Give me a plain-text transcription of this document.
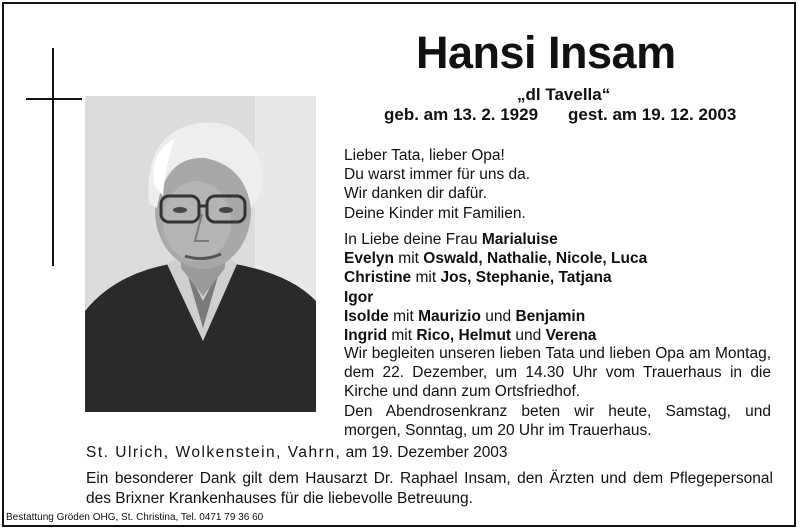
Hansi Insam
„dl Tavella“
geb. am 13. 2. 1929 gest. am 19. 12. 2003
Lieber Tata, lieber Opa!
Du warst immer für uns da.
Wir danken dir dafür.
Deine Kinder mit Familien.
In Liebe deine Frau Marialuise
Evelyn mit Oswald, Nathalie, Nicole, Luca
Christine mit Jos, Stephanie, Tatjana
Igor
Isolde mit Maurizio und Benjamin
Ingrid mit Rico, Helmut und Verena
Wir begleiten unseren lieben Tata und lieben Opa am Montag, dem 22. Dezember, um 14.30 Uhr vom Trauerhaus in die Kirche und dann zum Ortsfriedhof.
Den Abendrosenkranz beten wir heute, Samstag, und morgen, Sonntag, um 20 Uhr im Trauerhaus.
St. Ulrich, Wolkenstein, Vahrn, am 19. Dezember 2003
Ein besonderer Dank gilt dem Hausarzt Dr. Raphael Insam, den Ärzten und dem Pflegepersonal des Brixner Krankenhauses für die liebevolle Betreuung.
Bestattung Gröden OHG, St. Christina, Tel. 0471 79 36 60
